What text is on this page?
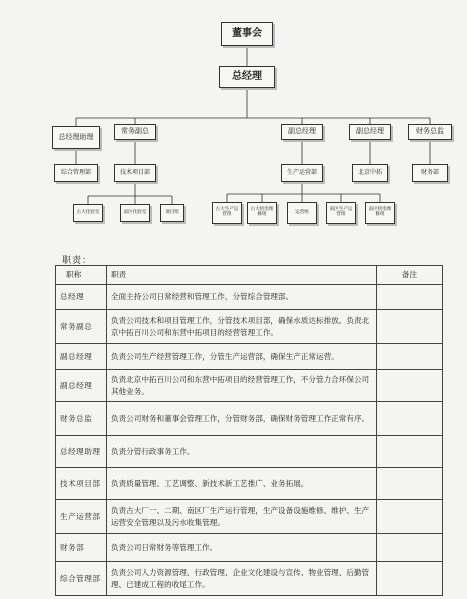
董事会
总经理
总经理助理
常务副总	副总经理	副总经理	财务总监
综合管理部	技术项目部	生产运营部	北京中拓	财务部
古大化验室	南区化验室	项目组	古大生产运营组
古大机电维修组	运营组	南区生产运营组
南区机电维修组
职责：
职称	职责	备注
总经理	全面主持公司日常经营和管理工作，分管综合管理部。	
常务副总	负责公司技术和项目管理工作，分管技术项目部，确保水质达标排放。负责北京中拓百川公司和东营中拓项目的经营管理工作。	
副总经理	负责公司生产经营管理工作，分管生产运营部，确保生产正常运营。	
副总经理	负责北京中拓百川公司和东营中拓项目的经营管理工作，不分管力合环保公司其他业务。	
财务总监	负责公司财务和董事会管理工作，分管财务部，确保财务管理工作正常有序。	
总经理助理	负责分管行政事务工作。	
技术项目部	负责质量管理、工艺调整、新技术新工艺推广、业务拓展。	
生产运营部	负责古大厂一、二期、南区厂生产运行管理，生产设备设施维修、维护、生产运营安全管理以及污水收集管理。	
财务部	负责公司日常财务等管理工作。	
综合管理部	负责公司人力资源管理、行政管理、企业文化建设与宣传、物业管理、后勤管理、已建成工程的收尾工作。	
